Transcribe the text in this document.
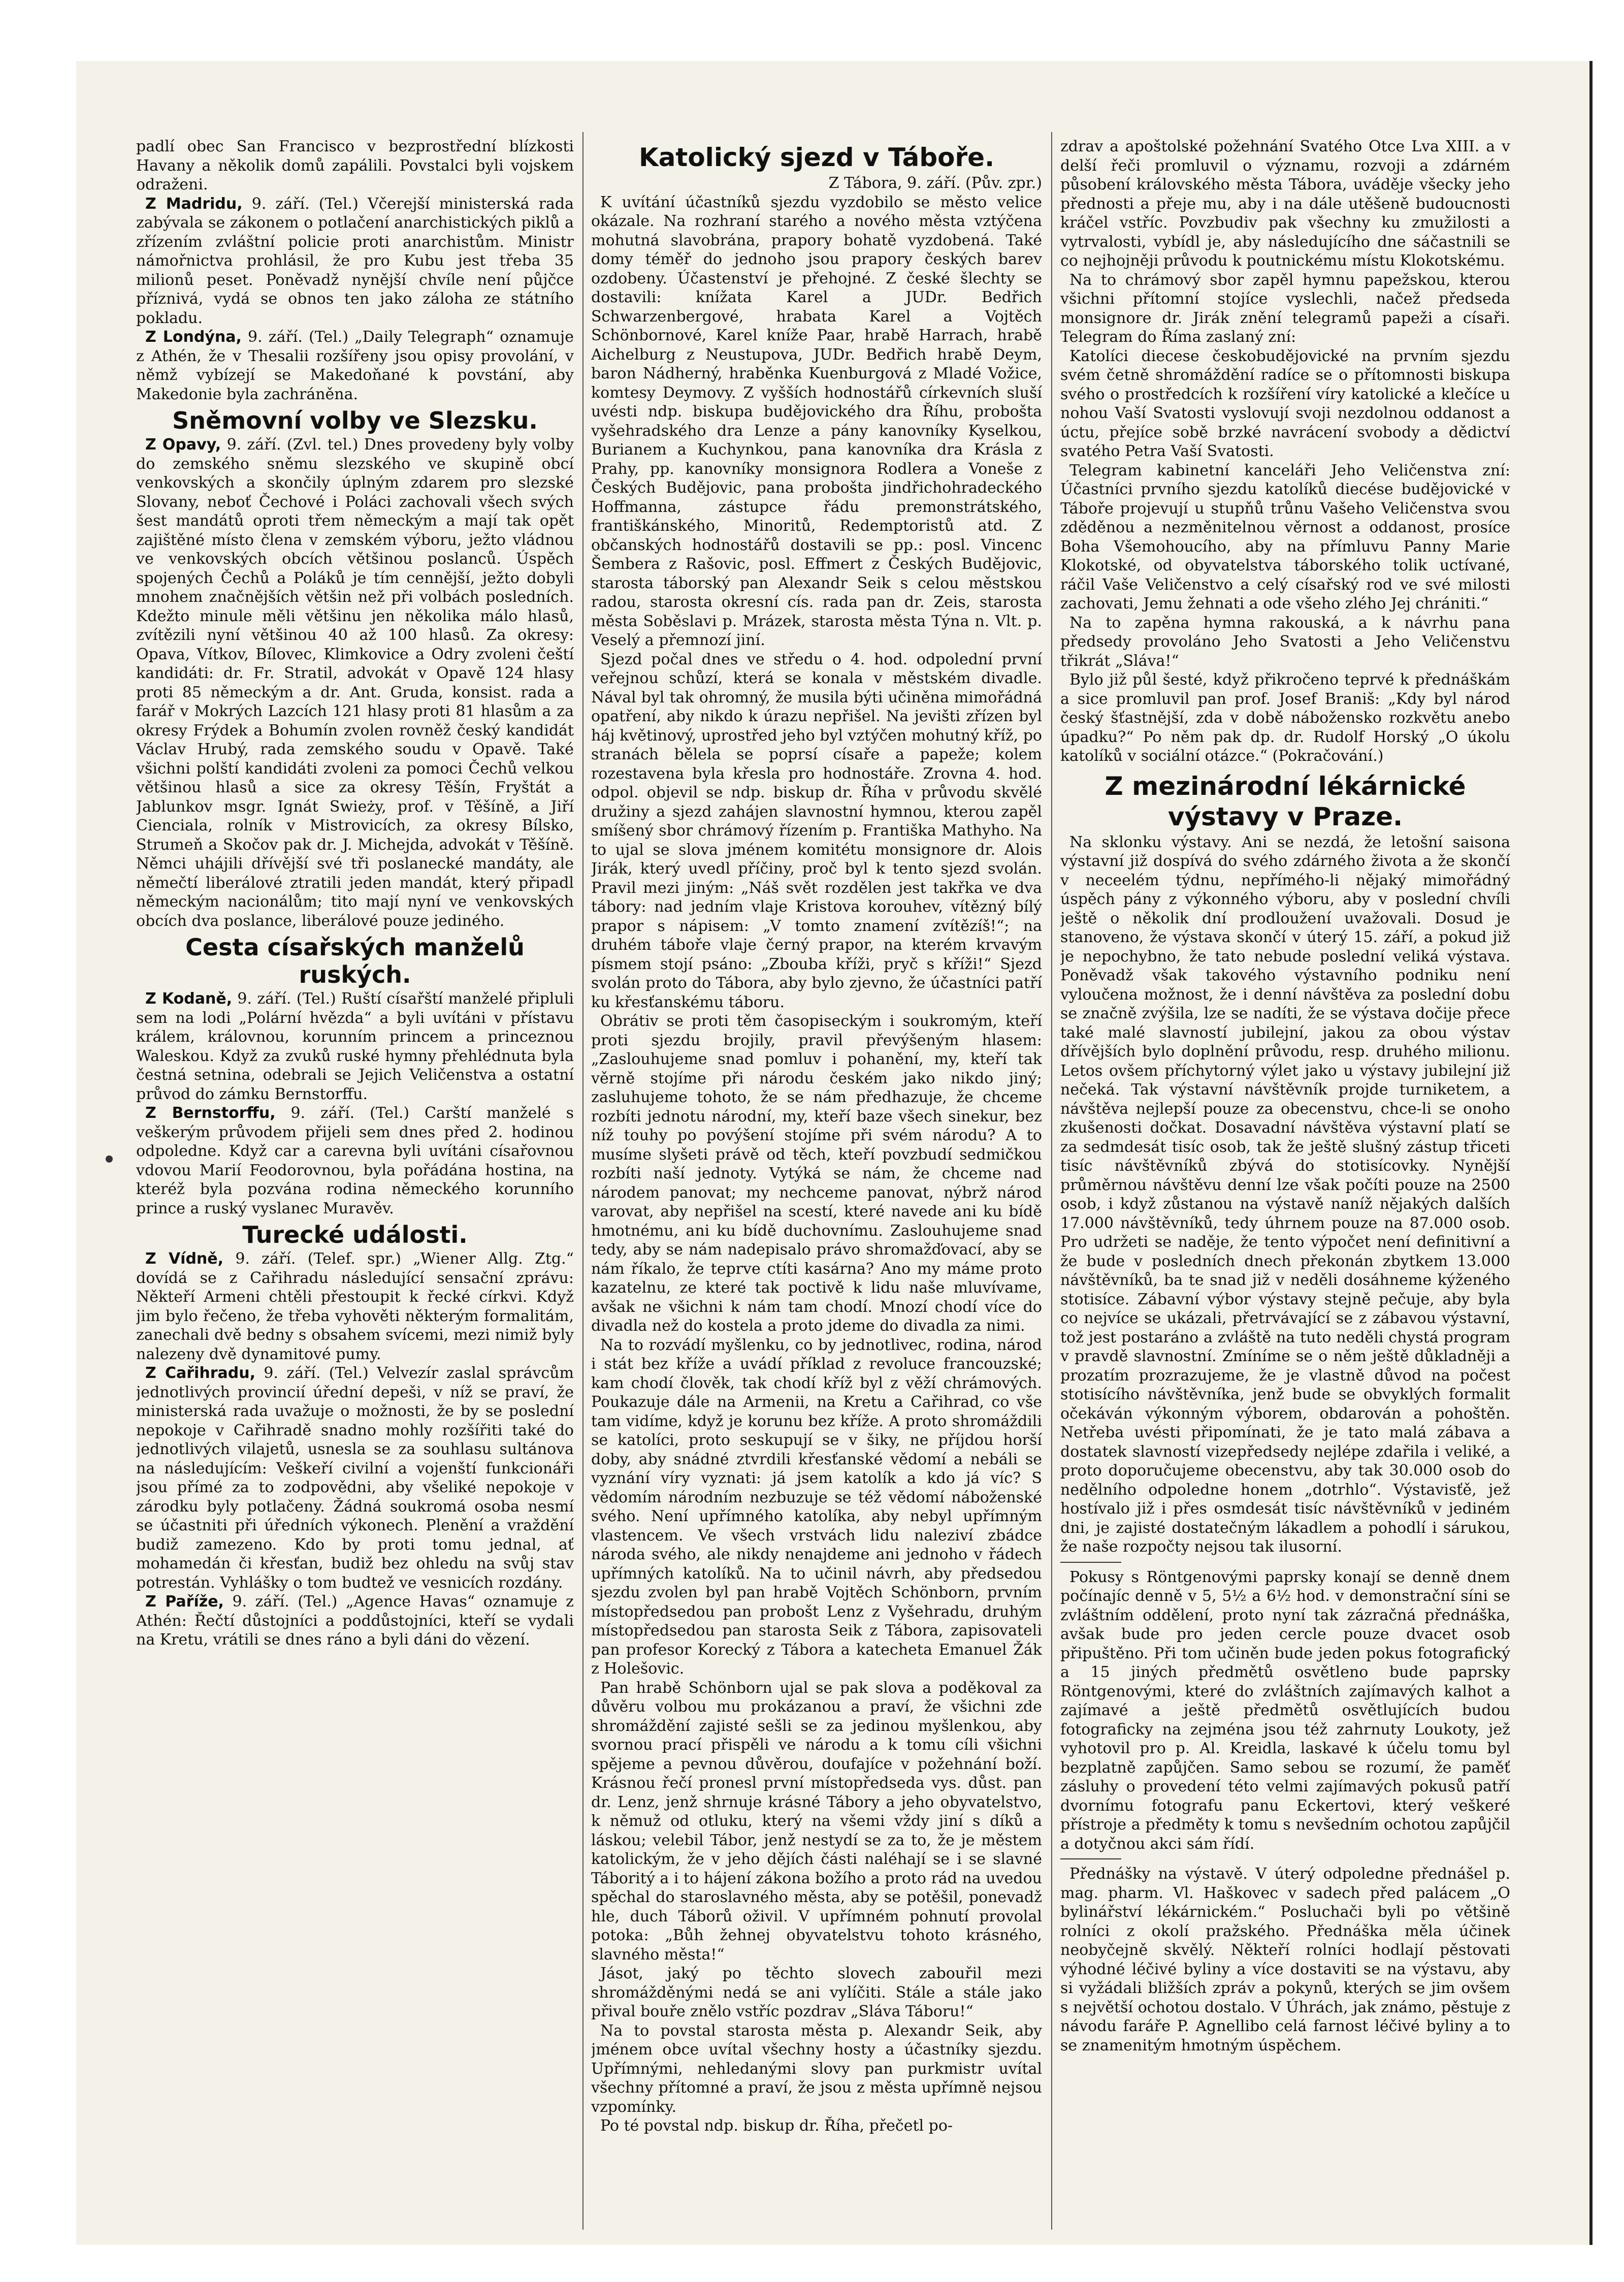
padlí obec San Francisco v bezprostřední blízkosti Havany a několik domů zapálili. Povstalci byli vojskem odraženi.

Z Madridu, 9. září. (Tel.) Včerejší ministerská rada zabývala se zákonem o potlačení anarchistických piklů a zřízením zvláštní policie proti anarchistům. Ministr námořnictva prohlásil, že pro Kubu jest třeba 35 milionů peset. Poněvadž nynější chvíle není půjčce příznivá, vydá se obnos ten jako záloha ze státního pokladu.

Z Londýna, 9. září. (Tel.) „Daily Telegraph“ oznamuje z Athén, že v Thesalii rozšířeny jsou opisy provolání, v němž vybízejí se Makedoňané k povstání, aby Makedonie byla zachráněna.

Sněmovní volby ve Slezsku.

Z Opavy, 9. září. (Zvl. tel.) Dnes provedeny byly volby do zemského sněmu slezského ve skupině obcí venkovských a skončily úplným zdarem pro slezské Slovany, neboť Čechové i Poláci zachovali všech svých šest mandátů oproti třem německým a mají tak opět zajištěné místo člena v zemském výboru, ježto vládnou ve venkovských obcích většinou poslanců. Úspěch spojených Čechů a Poláků je tím cennější, ježto dobyli mnohem značnějších většin než při volbách posledních. Kdežto minule měli většinu jen několika málo hlasů, zvítězili nyní většinou 40 až 100 hlasů. Za okresy: Opava, Vítkov, Bílovec, Klimkovice a Odry zvoleni čeští kandidáti: dr. Fr. Stratil, advokát v Opavě 124 hlasy proti 85 německým a dr. Ant. Gruda, konsist. rada a farář v Mokrých Lazcích 121 hlasy proti 81 hlasům a za okresy Frýdek a Bohumín zvolen rovněž český kandidát Václav Hrubý, rada zemského soudu v Opavě. Také všichni polští kandidáti zvoleni za pomoci Čechů velkou většinou hlasů a sice za okresy Těšín, Fryštát a Jablunkov msgr. Ignát Swieży, prof. v Těšíně, a Jiří Cienciala, rolník v Mistrovicích, za okresy Bílsko, Strumeň a Skočov pak dr. J. Michejda, advokát v Těšíně. Němci uhájili dřívější své tři poslanecké mandáty, ale němečtí liberálové ztratili jeden mandát, který připadl německým nacionálům; tito mají nyní ve venkovských obcích dva poslance, liberálové pouze jediného.

Cesta císařských manželů ruských.

Z Kodaně, 9. září. (Tel.) Ruští císařští manželé připluli sem na lodi „Polární hvězda“ a byli uvítáni v přístavu králem, královnou, korunním princem a princeznou Waleskou. Když za zvuků ruské hymny přehlédnuta byla čestná setnina, odebrali se Jejich Veličenstva a ostatní průvod do zámku Bernstorffu.

Z Bernstorffu, 9. září. (Tel.) Carští manželé s veškerým průvodem přijeli sem dnes před 2. hodinou odpoledne. Když car a carevna byli uvítáni císařovnou vdovou Marií Feodorovnou, byla pořádána hostina, na kteréž byla pozvána rodina německého korunního prince a ruský vyslanec Muravěv.

Turecké události.

Z Vídně, 9. září. (Telef. spr.) „Wiener Allg. Ztg.“ dovídá se z Cařihradu následující sensační zprávu: Někteří Armeni chtěli přestoupit k řecké církvi. Když jim bylo řečeno, že třeba vyhověti některým formalitám, zanechali dvě bedny s obsahem svícemi, mezi nimiž byly nalezeny dvě dynamitové pumy.

Z Cařihradu, 9. září. (Tel.) Velvezír zaslal správcům jednotlivých provincií úřední depeši, v níž se praví, že ministerská rada uvažuje o možnosti, že by se poslední nepokoje v Cařihradě snadno mohly rozšířiti také do jednotlivých vilajetů, usnesla se za souhlasu sultánova na následujícím: Veškeří civilní a vojenští funkcionáři jsou přímé za to zodpovědni, aby všeliké nepokoje v zárodku byly potlačeny. Žádná soukromá osoba nesmí se účastniti při úředních výkonech. Plenění a vraždění budiž zamezeno. Kdo by proti tomu jednal, ať mohamedán či křesťan, budiž bez ohledu na svůj stav potrestán. Vyhlášky o tom budtež ve vesnicích rozdány.

Z Paříže, 9. září. (Tel.) „Agence Havas“ oznamuje z Athén: Řečtí důstojníci a poddůstojníci, kteří se vydali na Kretu, vrátili se dnes ráno a byli dáni do vězení.

Katolický sjezd v Táboře.

Z Tábora, 9. září. (Pův. zpr.)

K uvítání účastníků sjezdu vyzdobilo se město velice okázale. Na rozhraní starého a nového města vztýčena mohutná slavobrána, prapory bohatě vyzdobená. Také domy téměř do jednoho jsou prapory českých barev ozdobeny. Účastenství je přehojné. Z české šlechty se dostavili: knížata Karel a JUDr. Bedřich Schwarzenbergové, hrabata Karel a Vojtěch Schönbornové, Karel kníže Paar, hrabě Harrach, hrabě Aichelburg z Neustupova, JUDr. Bedřich hrabě Deym, baron Nádherný, hraběnka Kuenburgová z Mladé Vožice, komtesy Deymovy. Z vyšších hodnostářů církevních sluší uvésti ndp. biskupa budějovického dra Říhu, probošta vyšehradského dra Lenze a pány kanovníky Kyselkou, Burianem a Kuchynkou, pana kanovníka dra Krásla z Prahy, pp. kanovníky monsignora Rodlera a Voneše z Českých Budějovic, pana probošta jindřichohradeckého Hoffmanna, zástupce řádu premonstrátského, františkánského, Minoritů, Redemptoristů atd. Z občanských hodnostářů dostavili se pp.: posl. Vincenc Šembera z Rašovic, posl. Effmert z Českých Budějovic, starosta táborský pan Alexandr Seik s celou městskou radou, starosta okresní cís. rada pan dr. Zeis, starosta města Soběslavi p. Mrázek, starosta města Týna n. Vlt. p. Veselý a přemnozí jiní.

Sjezd počal dnes ve středu o 4. hod. odpolední první veřejnou schůzí, která se konala v městském divadle. Nával byl tak ohromný, že musila býti učiněna mimořádná opatření, aby nikdo k úrazu nepřišel. Na jevišti zřízen byl háj květinový, uprostřed jeho byl vztýčen mohutný kříž, po stranách bělela se poprsí císaře a papeže; kolem rozestavena byla křesla pro hodnostáře. Zrovna 4. hod. odpol. objevil se ndp. biskup dr. Říha v průvodu skvělé družiny a sjezd zahájen slavnostní hymnou, kterou zapěl smíšený sbor chrámový řízením p. Františka Mathyho. Na to ujal se slova jménem komitétu monsignore dr. Alois Jirák, který uvedl příčiny, proč byl k tento sjezd svolán. Pravil mezi jiným: „Náš svět rozdělen jest takřka ve dva tábory: nad jedním vlaje Kristova korouhev, vítězný bílý prapor s nápisem: „V tomto znamení zvítězíš!“; na druhém táboře vlaje černý prapor, na kterém krvavým písmem stojí psáno: „Zbouba kříži, pryč s kříži!“ Sjezd svolán proto do Tábora, aby bylo zjevno, že účastníci patří ku křesťanskému táboru.

Obrátiv se proti těm časopiseckým i soukromým, kteří proti sjezdu brojily, pravil převýšeným hlasem: „Zaslouhujeme snad pomluv i pohanění, my, kteří tak věrně stojíme při národu českém jako nikdo jiný; zasluhujeme tohoto, že se nám předhazuje, že chceme rozbíti jednotu národní, my, kteří baze všech sinekur, bez níž touhy po povýšení stojíme při svém národu? A to musíme slyšeti právě od těch, kteří povzbudí sedmičkou rozbíti naší jednoty. Vytýká se nám, že chceme nad národem panovat; my nechceme panovat, nýbrž národ varovat, aby nepřišel na scestí, které navede ani ku bídě hmotnému, ani ku bídě duchovnímu. Zaslouhujeme snad tedy, aby se nám nadepisalo právo shromažďovací, aby se nám říkalo, že teprve ctíti kasárna? Ano my máme proto kazatelnu, ze které tak poctivě k lidu naše mluvívame, avšak ne všichni k nám tam chodí. Mnozí chodí více do divadla než do kostela a proto jdeme do divadla za nimi.

Na to rozvádí myšlenku, co by jednotlivec, rodina, národ i stát bez kříže a uvádí příklad z revoluce francouzské; kam chodí člověk, tak chodí kříž byl z věží chrámových. Poukazuje dále na Armenii, na Kretu a Cařihrad, co vše tam vidíme, když je korunu bez kříže. A proto shromáždili se katolíci, proto seskupují se v šiky, ne příjdou horší doby, aby snádné ztvrdili křesťanské vědomí a nebáli se vyznání víry vyznati: já jsem katolík a kdo já víc? S vědomím národním nezbuzuje se též vědomí náboženské svého. Není upřímného katolíka, aby nebyl upřímným vlastencem. Ve všech vrstvách lidu naleziví zbádce národa svého, ale nikdy nenajdeme ani jednoho v řádech upřímných katolíků. Na to učinil návrh, aby předsedou sjezdu zvolen byl pan hrabě Vojtěch Schönborn, prvním místopředsedou pan probošt Lenz z Vyšehradu, druhým místopředsedou pan starosta Seik z Tábora, zapisovateli pan profesor Korecký z Tábora a katecheta Emanuel Žák z Holešovic.

Pan hrabě Schönborn ujal se pak slova a poděkoval za důvěru volbou mu prokázanou a praví, že všichni zde shromáždění zajisté sešli se za jedinou myšlenkou, aby svornou prací přispěli ve národu a k tomu cíli všichni spějeme a pevnou důvěrou, doufajíce v požehnání boží. Krásnou řečí pronesl první místopředseda vys. důst. pan dr. Lenz, jenž shrnuje krásné Tábory a jeho obyvatelstvo, k němuž od otluku, který na všemi vždy jiní s díků a láskou; velebil Tábor, jenž nestydí se za to, že je městem katolickým, že v jeho dějích části naléhají se i se slavné Táboritý a i to hájení zákona božího a proto rád na uvedou spěchal do staroslavného města, aby se potěšil, ponevadž hle, duch Táborů oživil. V upřímném pohnutí provolal potoka: „Bůh žehnej obyvatelstvu tohoto krásného, slavného města!“

Jásot, jaký po těchto slovech zabouřil mezi shromážděnými nedá se ani vylíčiti. Stále a stále jako přival bouře znělo vstříc pozdrav „Sláva Táboru!“

Na to povstal starosta města p. Alexandr Seik, aby jménem obce uvítal všechny hosty a účastníky sjezdu. Upřímnými, nehledanými slovy pan purkmistr uvítal všechny přítomné a praví, že jsou z města upřímně nejsou vzpomínky.

Po té povstal ndp. biskup dr. Říha, přečetl po-

zdrav a apoštolské požehnání Svatého Otce Lva XIII. a v delší řeči promluvil o významu, rozvoji a zdárném působení královského města Tábora, uváděje všecky jeho přednosti a přeje mu, aby i na dále utěšeně budoucnosti kráčel vstříc. Povzbudiv pak všechny ku zmužilosti a vytrvalosti, vybídl je, aby následujícího dne sáčastnili se co nejhojněji průvodu k poutnickému místu Klokotskému.

Na to chrámový sbor zapěl hymnu papežskou, kterou všichni přítomní stojíce vyslechli, načež předseda monsignore dr. Jirák znění telegramů papeži a císaři. Telegram do Říma zaslaný zní:

Katolíci diecese českobudějovické na prvním sjezdu svém četně shromáždění radíce se o přítomnosti biskupa svého o prostředcích k rozšíření víry katolické a klečíce u nohou Vaší Svatosti vyslovují svoji nezdolnou oddanost a úctu, přejíce sobě brzké navrácení svobody a dědictví svatého Petra Vaší Svatosti.

Telegram kabinetní kanceláři Jeho Veličenstva zní: Účastníci prvního sjezdu katolíků diecése budějovické v Táboře projevují u stupňů trůnu Vašeho Veličenstva svou zděděnou a nezměnitelnou věrnost a oddanost, prosíce Boha Všemohoucího, aby na přímluvu Panny Marie Klokotské, od obyvatelstva táborského tolik uctívané, ráčil Vaše Veličenstvo a celý císařský rod ve své milosti zachovati, Jemu žehnati a ode všeho zlého Jej chrániti.“

Na to zapěna hymna rakouská, a k návrhu pana předsedy provoláno Jeho Svatosti a Jeho Veličenstvu třikrát „Sláva!“

Bylo již půl šesté, když přikročeno teprvé k přednáškám a sice promluvil pan prof. Josef Braniš: „Kdy byl národ český šťastnější, zda v době nábožensko rozkvětu anebo úpadku?“ Po něm pak dp. dr. Rudolf Horský „O úkolu katolíků v sociální otázce.“ (Pokračování.)

Z mezinárodní lékárnické výstavy v Praze.

Na sklonku výstavy. Ani se nezdá, že letošní saisona výstavní již dospívá do svého zdárného života a že skončí v neceelém týdnu, nepřímého-li nějaký mimořádný úspěch pány z výkonného výboru, aby v poslední chvíli ještě o několik dní prodloužení uvažovali. Dosud je stanoveno, že výstava skončí v úterý 15. září, a pokud již je nepochybno, že tato nebude poslední veliká výstava. Poněvadž však takového výstavního podniku není vyloučena možnost, že i denní návštěva za poslední dobu se značně zvýšila, lze se nadíti, že se výstava dočije přece také malé slavností jubilejní, jakou za obou výstav dřívějších bylo doplnění průvodu, resp. druhého milionu. Letos ovšem příchytorný výlet jako u výstavy jubilejní již nečeká. Tak výstavní návštěvník projde turniketem, a návštěva nejlepší pouze za obecenstvu, chce-li se onoho zkušenosti dočkat. Dosavadní návštěva výstavní platí se za sedmdesát tisíc osob, tak že ještě slušný zástup třiceti tisíc návštěvníků zbývá do stotisícovky. Nynější průměrnou návštěvu denní lze však počíti pouze na 2500 osob, i když zůstanou na výstavě naníž nějakých dalších 17.000 návštěvníků, tedy úhrnem pouze na 87.000 osob. Pro udržeti se naděje, že tento výpočet není definitivní a že bude v posledních dnech překonán zbytkem 13.000 návštěvníků, ba te snad již v neděli dosáhneme kýženého stotisíce. Zábavní výbor výstavy stejně pečuje, aby byla co nejvíce se ukázali, přetrvávající se z zábavou výstavní, tož jest postaráno a zvláště na tuto neděli chystá program v pravdě slavnostní. Zmíníme se o něm ještě důkladněji a prozatím prozrazujeme, že je vlastně důvod na počest stotisícího návštěvníka, jenž bude se obvyklých formalit očekáván výkonným výborem, obdarován a pohoštěn. Netřeba uvésti připomínati, že je tato malá zábava a dostatek slavností vizepředsedy nejlépe zdařila i veliké, a proto doporučujeme obecenstvu, aby tak 30.000 osob do nedělního odpoledne honem „dotrhlo“. Výstavisťě, jež hostívalo již i přes osmdesát tisíc návštěvníků v jediném dni, je zajisté dostatečným lákadlem a pohodlí i sárukou, že naše rozpočty nejsou tak ilusorní.

Pokusy s Röntgenovými paprsky konají se denně dnem počínajíc denně v 5, 5½ a 6½ hod. v demonstrační síni se zvláštním oddělení, proto nyní tak zázračná přednáška, avšak bude pro jeden cercle pouze dvacet osob připuštěno. Při tom učiněn bude jeden pokus fotografický a 15 jiných předmětů osvětleno bude paprsky Röntgenovými, které do zvláštních zajímavých kalhot a zajímavé a ještě předmětů osvětlujících budou fotograficky na zejména jsou též zahrnuty Loukoty, jež vyhotovil pro p. Al. Kreidla, laskavé k účelu tomu byl bezplatně zapůjčen. Samo sebou se rozumí, že paměť zásluhy o provedení této velmi zajímavých pokusů patří dvornímu fotografu panu Eckertovi, který veškeré přístroje a předměty k tomu s nevšedním ochotou zapůjčil a dotyčnou akci sám řídí.

Přednášky na výstavě. V úterý odpoledne přednášel p. mag. pharm. Vl. Haškovec v sadech před palácem „O bylinářství lékárnickém.“ Posluchači byli po většině rolníci z okolí pražského. Přednáška měla účinek neobyčejně skvělý. Někteří rolníci hodlají pěstovati výhodné léčivé byliny a více dostaviti se na výstavu, aby si vyžádali bližších zpráv a pokynů, kterých se jim ovšem s největší ochotou dostalo. V Úhrách, jak známo, pěstuje z návodu faráře P. Agnellibo celá farnost léčivé byliny a to se znamenitým hmotným úspěchem.
